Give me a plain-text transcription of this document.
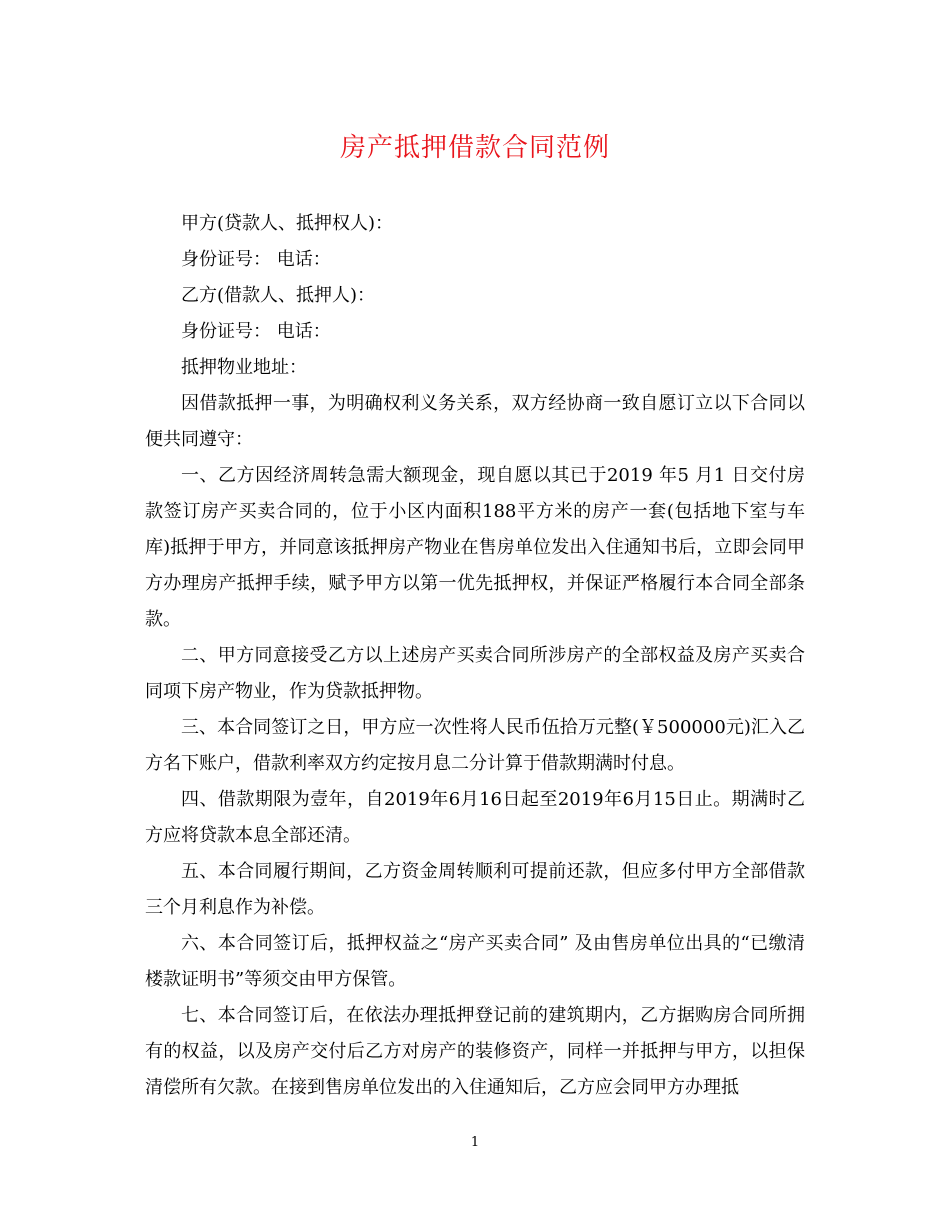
房产抵押借款合同范例

甲方(贷款人、抵押权人)：

身份证号： 电话：

乙方(借款人、抵押人)：

身份证号： 电话：

抵押物业地址：

因借款抵押一事，为明确权利义务关系，双方经协商一致自愿订立以下合同以便共同遵守：

一、乙方因经济周转急需大额现金，现自愿以其已于2019 年5 月1 日交付房款签订房产买卖合同的，位于小区内面积188平方米的房产一套(包括地下室与车库)抵押于甲方，并同意该抵押房产物业在售房单位发出入住通知书后，立即会同甲方办理房产抵押手续，赋予甲方以第一优先抵押权，并保证严格履行本合同全部条款。

二、甲方同意接受乙方以上述房产买卖合同所涉房产的全部权益及房产买卖合同项下房产物业，作为贷款抵押物。

三、本合同签订之日，甲方应一次性将人民币伍拾万元整(￥500000元)汇入乙方名下账户，借款利率双方约定按月息二分计算于借款期满时付息。

四、借款期限为壹年，自2019年6月16日起至2019年6月15日止。期满时乙方应将贷款本息全部还清。

五、本合同履行期间，乙方资金周转顺利可提前还款，但应多付甲方全部借款三个月利息作为补偿。

六、本合同签订后，抵押权益之“房产买卖合同” 及由售房单位出具的“已缴清楼款证明书”等须交由甲方保管。

七、本合同签订后，在依法办理抵押登记前的建筑期内，乙方据购房合同所拥有的权益，以及房产交付后乙方对房产的装修资产，同样一并抵押与甲方，以担保清偿所有欠款。在接到售房单位发出的入住通知后，乙方应会同甲方办理抵

1
